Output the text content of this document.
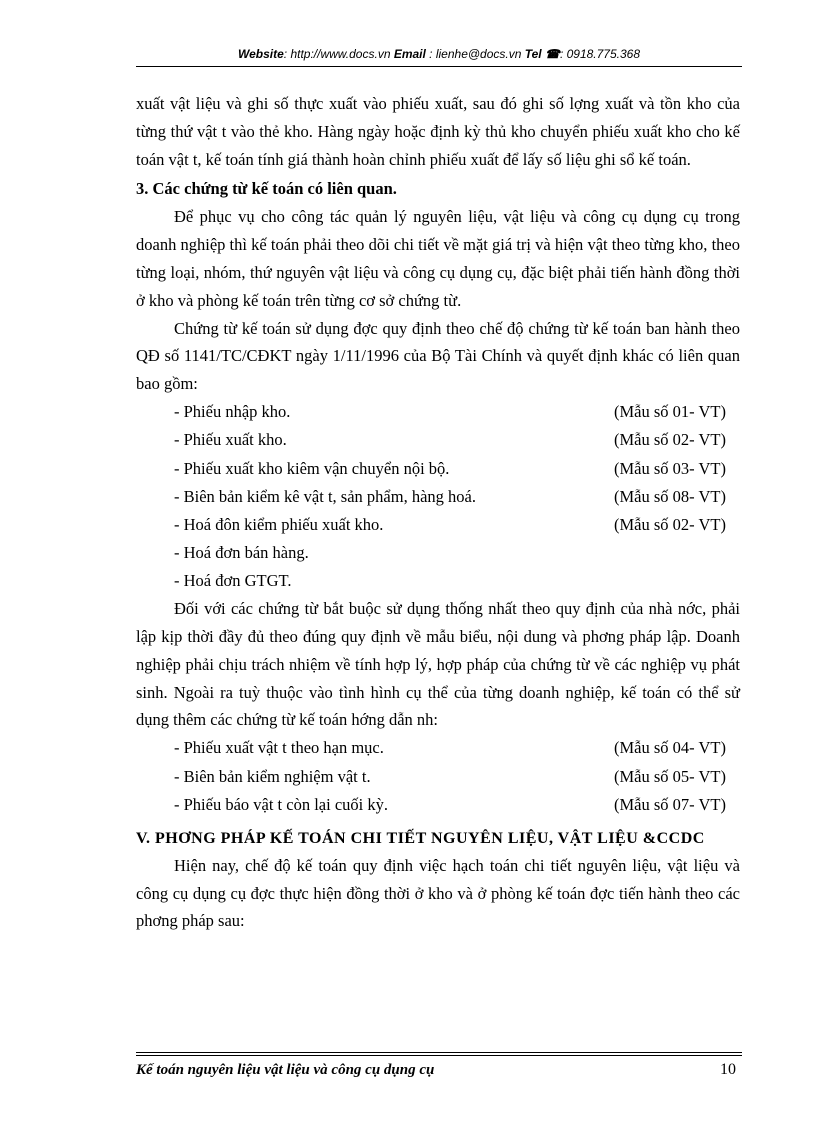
Website: http://www.docs.vn Email : lienhe@docs.vn Tel ☎: 0918.775.368

xuất vật liệu và ghi số thực xuất vào phiếu xuất, sau đó ghi số lợng xuất và tồn kho của từng thứ vật t vào thẻ kho. Hàng ngày hoặc định kỳ thủ kho chuyển phiếu xuất kho cho kế toán vật t, kế toán tính giá thành hoàn chỉnh phiếu xuất để lấy số liệu ghi sổ kế toán.

3. Các chứng từ kế toán có liên quan.

Để phục vụ cho công tác quản lý nguyên liệu, vật liệu và công cụ dụng cụ trong doanh nghiệp thì kế toán phải theo dõi chi tiết về mặt giá trị và hiện vật theo từng kho, theo từng loại, nhóm, thứ nguyên vật liệu và công cụ dụng cụ, đặc biệt phải tiến hành đồng thời ở kho và phòng kế toán trên từng cơ sở chứng từ.

Chứng từ kế toán sử dụng đợc quy định theo chế độ chứng từ kế toán ban hành theo QĐ số 1141/TC/CĐKT ngày 1/11/1996 của Bộ Tài Chính và quyết định khác có liên quan bao gồm:

- Phiếu nhập kho.	(Mẫu số 01- VT)
- Phiếu xuất kho.	(Mẫu số 02- VT)
- Phiếu xuất kho kiêm vận chuyển nội bộ.	(Mẫu số 03- VT)
- Biên bản kiểm kê vật t, sản phẩm, hàng hoá.	(Mẫu số 08- VT)
- Hoá đôn kiểm phiếu xuất kho.	(Mẫu số 02- VT)
- Hoá đơn bán hàng.
- Hoá đơn GTGT.

Đối với các chứng từ bắt buộc sử dụng thống nhất theo quy định của nhà nớc, phải lập kịp thời đầy đủ theo đúng quy định về mẫu biểu, nội dung và phơng pháp lập. Doanh nghiệp phải chịu trách nhiệm về tính hợp lý, hợp pháp của chứng từ về các nghiệp vụ phát sinh. Ngoài ra tuỳ thuộc vào tình hình cụ thể của từng doanh nghiệp, kế toán có thể sử dụng thêm các chứng từ kế toán hớng dẫn nh:

- Phiếu xuất vật t theo hạn mục.	(Mẫu số 04- VT)
- Biên bản kiểm nghiệm vật t.	(Mẫu số 05- VT)
- Phiếu báo vật t còn lại cuối kỳ.	(Mẫu số 07- VT)
V. PHƠNG PHÁP KẾ TOÁN CHI TIẾT NGUYÊN LIỆU, VẬT LIỆU &CCDC

Hiện nay, chế độ kế toán quy định việc hạch toán chi tiết nguyên liệu, vật liệu và công cụ dụng cụ đợc thực hiện đồng thời ở kho và ở phòng kế toán đợc tiến hành theo các phơng pháp sau:

Kế toán nguyên liệu vật liệu và công cụ dụng cụ	10
